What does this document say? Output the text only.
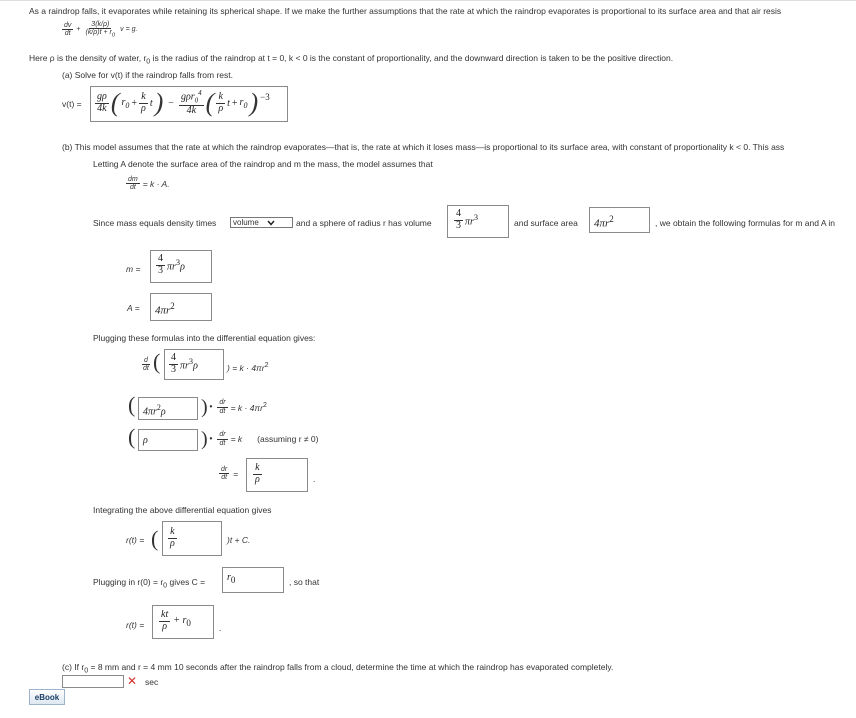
As a raindrop falls, it evaporates while retaining its spherical shape. If we make the further assumptions that the rate at which the raindrop evaporates is proportional to its surface area and that air resis
$\frac{dv}{dt} + \frac{3(k/\rho)}{(k/\rho)t + r_0}$ v = g.
Here ρ is the density of water, $r_0$ is the radius of the raindrop at t = 0, k < 0 is the constant of proportionality, and the downward direction is taken to be the positive direction.
(a) Solve for v(t) if the raindrop falls from rest.
$v(t) = \frac{g\rho}{4k}$ ( $r_0 + \frac{k}{\rho}$ t ) − $\frac{g\rho r_0^4}{4k}$ ( $\frac{k}{\rho}$ $t + r_0$ ) −3
(b) This model assumes that the rate at which the raindrop evaporates—that is, the rate at which it loses mass—is proportional to its surface area, with constant of proportionality k < 0. This ass
Letting A denote the surface area of the raindrop and m the mass, the model assumes that
$\frac{dm}{dt} = k \cdot A$.
Since mass equals density times volume	and a sphere of radius r has volume $\frac{4}{3} \pi r^3$
and surface area $4\pi r^2$	, we obtain the following formulas for m and A in
$m = \frac{4}{3} \pi r^3\rho$
$A = 4\pi r^2$
Plugging these formulas into the differential equation gives:
$\frac{d}{dt}$ ( $\frac{4}{3} \pi r^3\rho$	) = $k \cdot 4\pi r^2$
( $4\pi r^2\rho$ )· $\frac{dr}{dt} = k \cdot 4\pi r^2$
( ρ	)· $\frac{dr}{dt} = k$ (assuming r ≠ 0)
$\frac{dr}{dt} = \frac{k}{\rho}$	.
Integrating the above differential equation gives
r(t) = ( $\frac{k}{\rho}$	)t + C.
Plugging in $r(0) = r_0$ gives $C = r_0$	, so that
$r(t) = \frac{kt}{\rho} + r_0$
.
(c) If $r_0 = 8$ mm and r = 4 mm 10 seconds after the raindrop falls from a cloud, determine the time at which the raindrop has evaporated completely.
✕ sec
eBook
